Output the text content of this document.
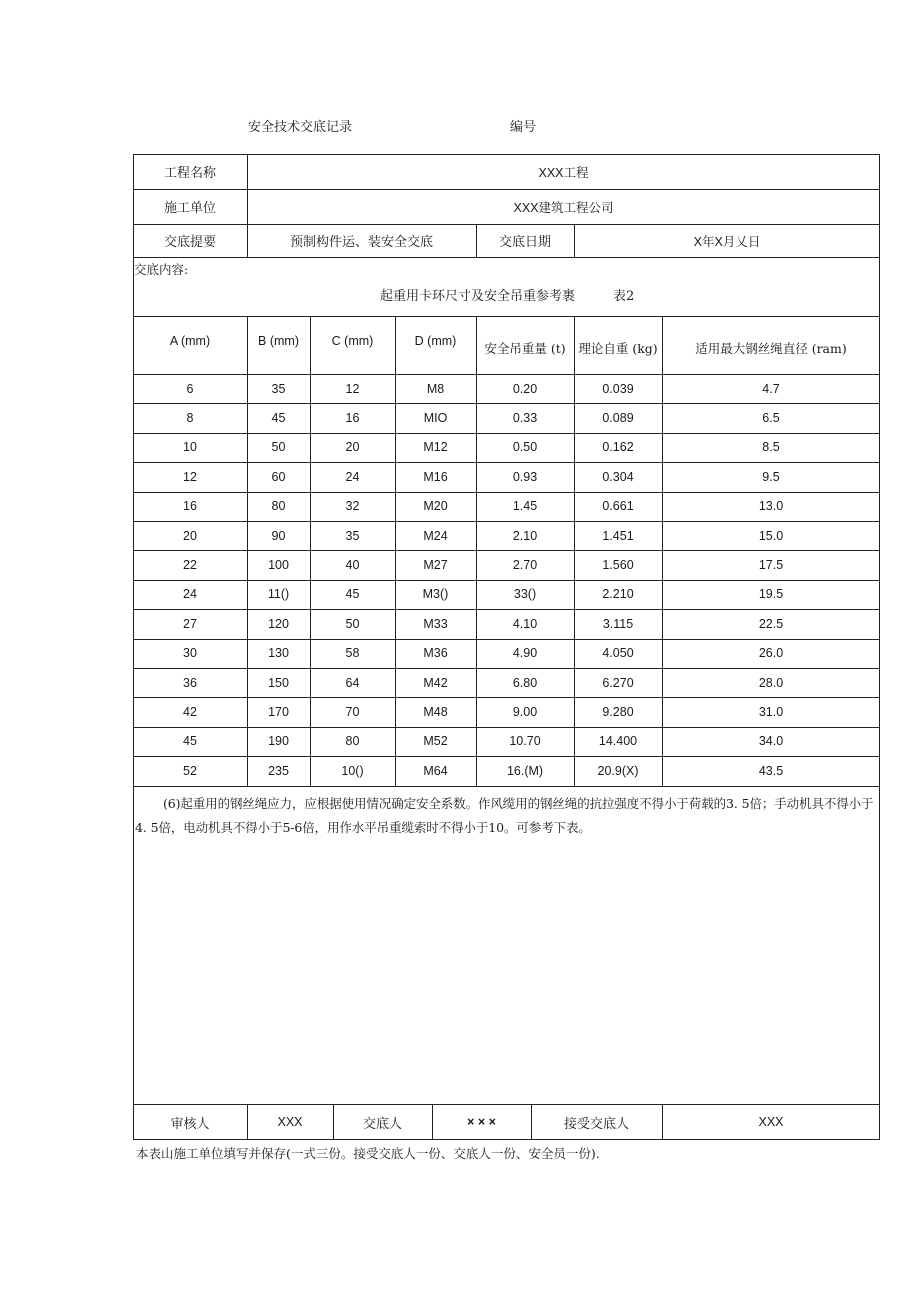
安全技术交底记录	编号
工程名称	XXX工程
施工单位	XXX建筑工程公司
交底提要	预制构件运、装安全交底	交底日期	X年X月乂日
交底内容:
起重用卡环尺寸及安全吊重参考裹	表2
A (mm)	B (mm)	C (mm)	D (mm)	安全吊重量 (t)	理论自重 (kg)	适用最大钢丝绳直径 (ram)
6	35	12	M8	0.20	0.039	4.7
8	45	16	MIO	0.33	0.089	6.5
10	50	20	M12	0.50	0.162	8.5
12	60	24	M16	0.93	0.304	9.5
16	80	32	M20	1.45	0.661	13.0
20	90	35	M24	2.10	1.451	15.0
22	100	40	M27	2.70	1.560	17.5
24	11()	45	M3()	33()	2.210	19.5
27	120	50	M33	4.10	3.115	22.5
30	130	58	M36	4.90	4.050	26.0
36	150	64	M42	6.80	6.270	28.0
42	170	70	M48	9.00	9.280	31.0
45	190	80	M52	10.70	14.400	34.0
52	235	10()	M64	16.(M)	20.9(X)	43.5
(6)起重用的钢丝绳应力，应根据使用情况确定安全系数。作风缆用的钢丝绳的抗拉强度不得小于荷载的3. 5倍；手动机具不得小于4. 5倍，电动机具不得小于5-6倍，用作水平吊重缆索时不得小于10。可参考下表。
审核人	XXX	交底人	× × ×	接受交底人	XXX
本表山施工单位填写并保存(一式三份。接受交底人一份、交底人一份、安全员一份).
